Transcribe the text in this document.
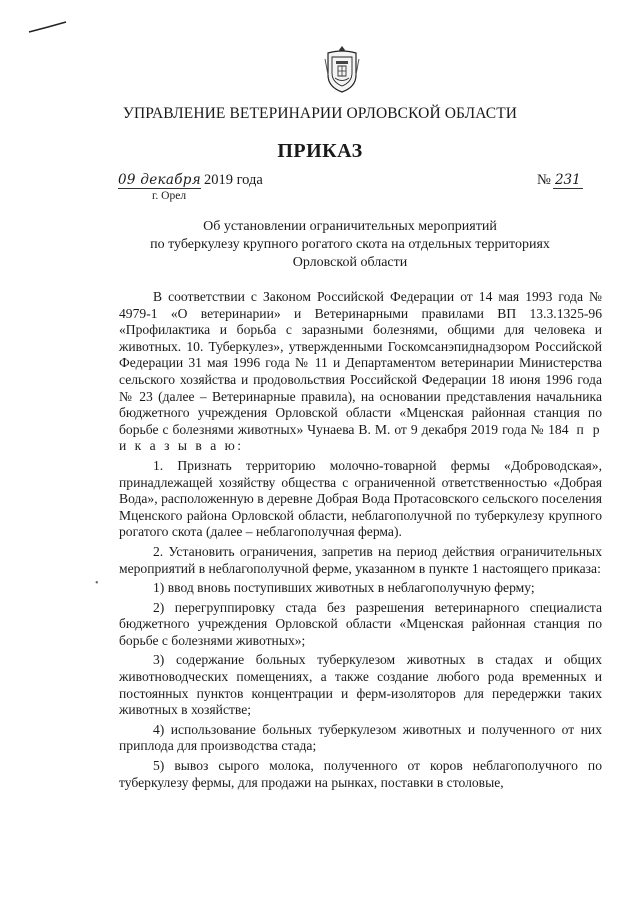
УПРАВЛЕНИЕ ВЕТЕРИНАРИИ ОРЛОВСКОЙ ОБЛАСТИ
ПРИКАЗ
09 декабря 2019 года
г. Орел
№ 231
Об установлении ограничительных мероприятий
по туберкулезу крупного рогатого скота на отдельных территориях
Орловской области

В соответствии с Законом Российской Федерации от 14 мая 1993 года № 4979-1 «О ветеринарии» и Ветеринарными правилами ВП 13.3.1325-96 «Профилактика и борьба с заразными болезнями, общими для человека и животных. 10. Туберкулез», утвержденными Госкомсанэпиднадзором Российской Федерации 31 мая 1996 года № 11 и Департаментом ветеринарии Министерства сельского хозяйства и продовольствия Российской Федерации 18 июня 1996 года № 23 (далее – Ветеринарные правила), на основании представления начальника бюджетного учреждения Орловской области «Мценская районная станция по борьбе с болезнями животных» Чунаева В. М. от 9 декабря 2019 года № 184 п р и к а з ы в а ю:

1. Признать территорию молочно-товарной фермы «Доброводская», принадлежащей хозяйству общества с ограниченной ответственностью «Добрая Вода», расположенную в деревне Добрая Вода Протасовского сельского поселения Мценского района Орловской области, неблагополучной по туберкулезу крупного рогатого скота (далее – неблагополучная ферма).

2. Установить ограничения, запретив на период действия ограничительных мероприятий в неблагополучной ферме, указанном в пункте 1 настоящего приказа:

1) ввод вновь поступивших животных в неблагополучную ферму;

2) перегруппировку стада без разрешения ветеринарного специалиста бюджетного учреждения Орловской области «Мценская районная станция по борьбе с болезнями животных»;

3) содержание больных туберкулезом животных в стадах и общих животноводческих помещениях, а также создание любого рода временных и постоянных пунктов концентрации и ферм-изоляторов для передержки таких животных в хозяйстве;

4) использование больных туберкулезом животных и полученного от них приплода для производства стада;

5) вывоз сырого молока, полученного от коров неблагополучного по туберкулезу фермы, для продажи на рынках, поставки в столовые,

•
